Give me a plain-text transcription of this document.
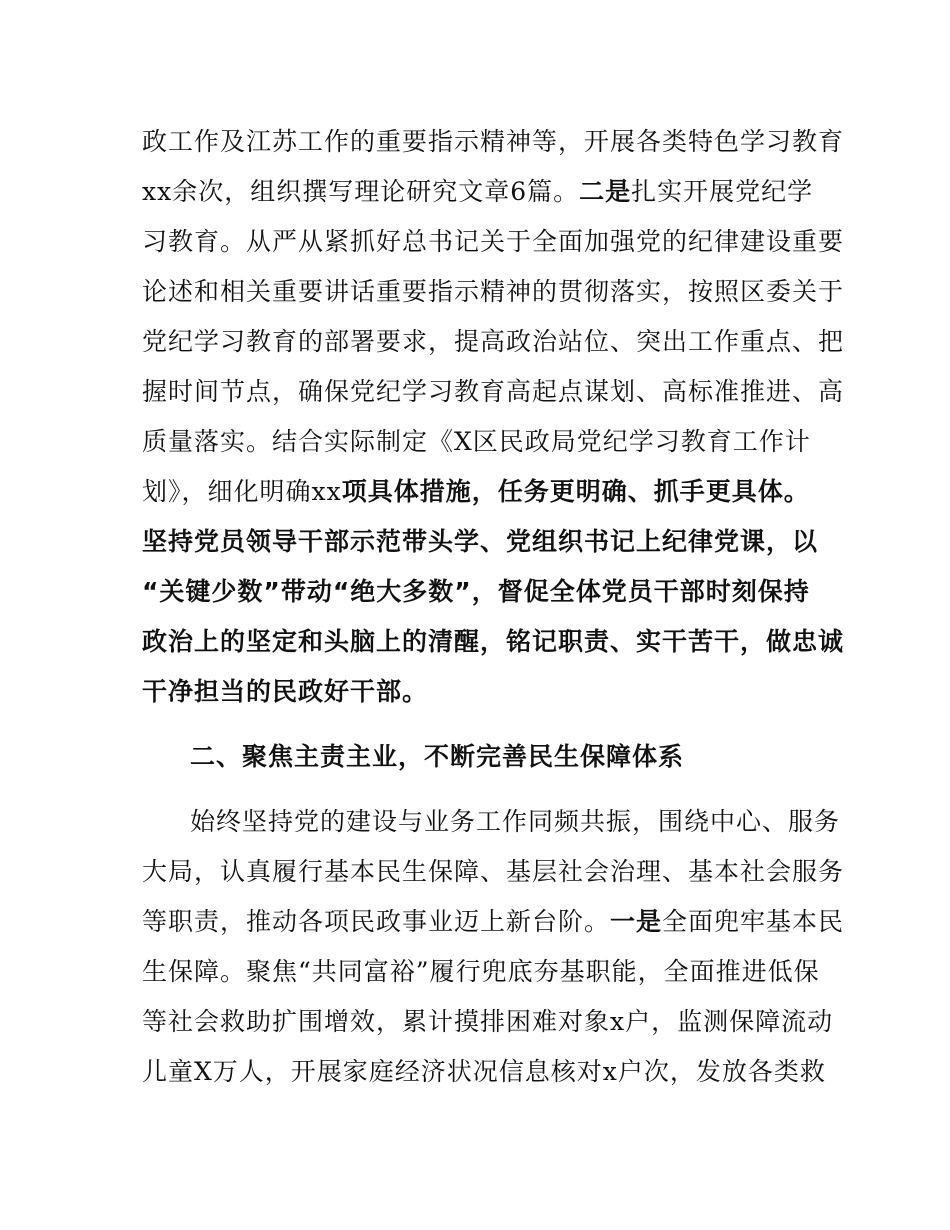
政工作及江苏工作的重要指示精神等，开展各类特色学习教育
xx余次，组织撰写理论研究文章6篇。二是扎实开展党纪学
习教育。从严从紧抓好总书记关于全面加强党的纪律建设重要
论述和相关重要讲话重要指示精神的贯彻落实，按照区委关于
党纪学习教育的部署要求，提高政治站位、突出工作重点、把
握时间节点，确保党纪学习教育高起点谋划、高标准推进、高
质量落实。结合实际制定《X区民政局党纪学习教育工作计
划》，细化明确xx项具体措施，任务更明确、抓手更具体。
坚持党员领导干部示范带头学、党组织书记上纪律党课，以
“关键少数”带动“绝大多数”，督促全体党员干部时刻保持
政治上的坚定和头脑上的清醒，铭记职责、实干苦干，做忠诚
干净担当的民政好干部。
二、聚焦主责主业，不断完善民生保障体系
始终坚持党的建设与业务工作同频共振，围绕中心、服务
大局，认真履行基本民生保障、基层社会治理、基本社会服务
等职责，推动各项民政事业迈上新台阶。一是全面兜牢基本民
生保障。聚焦“共同富裕”履行兜底夯基职能，全面推进低保
等社会救助扩围增效，累计摸排困难对象x户，监测保障流动
儿童X万人，开展家庭经济状况信息核对x户次，发放各类救
